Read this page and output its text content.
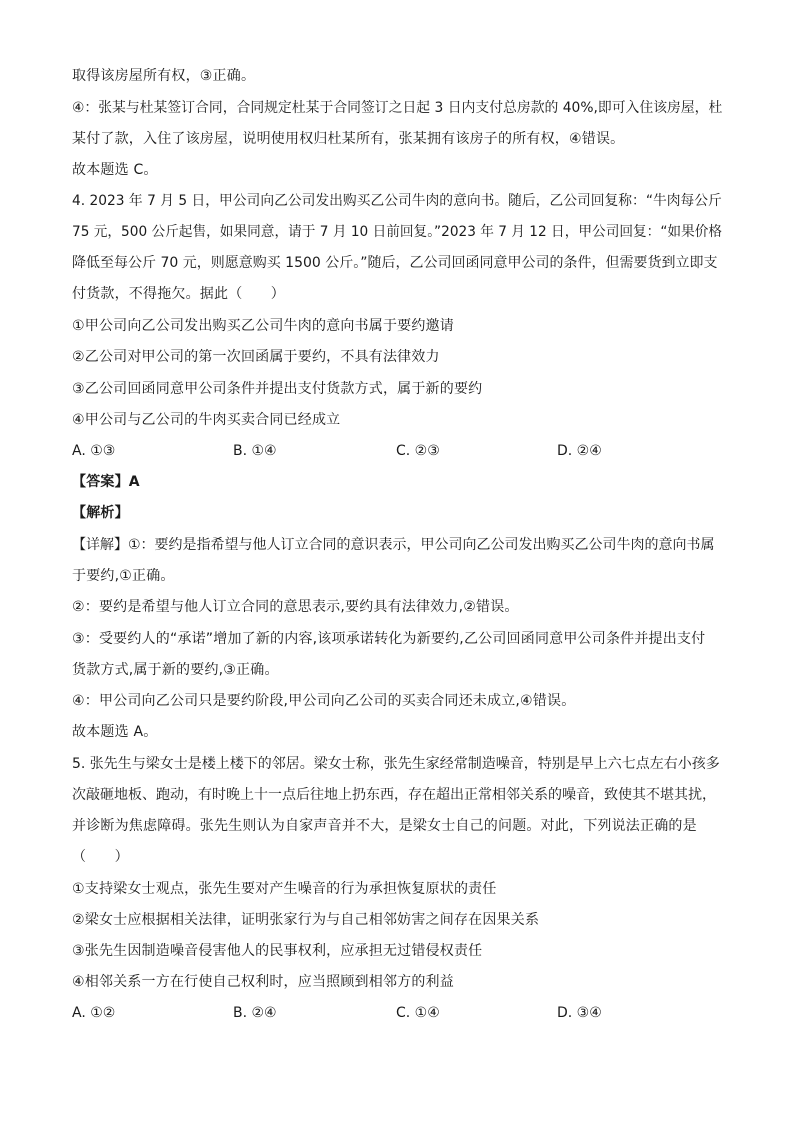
取得该房屋所有权，③正确。
④：张某与杜某签订合同，合同规定杜某于合同签订之日起 3 日内支付总房款的 40%,即可入住该房屋，杜
某付了款，入住了该房屋，说明使用权归杜某所有，张某拥有该房子的所有权，④错误。
故本题选 C。
4. 2023 年 7 月 5 日，甲公司向乙公司发出购买乙公司牛肉的意向书。随后，乙公司回复称：“牛肉每公斤
75 元，500 公斤起售，如果同意，请于 7 月 10 日前回复。”2023 年 7 月 12 日，甲公司回复：“如果价格
降低至每公斤 70 元，则愿意购买 1500 公斤。”随后，乙公司回函同意甲公司的条件，但需要货到立即支
付货款，不得拖欠。据此（　　）
①甲公司向乙公司发出购买乙公司牛肉的意向书属于要约邀请
②乙公司对甲公司的第一次回函属于要约，不具有法律效力
③乙公司回函同意甲公司条件并提出支付货款方式，属于新的要约
④甲公司与乙公司的牛肉买卖合同已经成立
A. ①③	B. ①④	C. ②③	D. ②④
【答案】A
【解析】
【详解】①：要约是指希望与他人订立合同的意识表示，甲公司向乙公司发出购买乙公司牛肉的意向书属
于要约,①正确。
②：要约是希望与他人订立合同的意思表示,要约具有法律效力,②错误。
③：受要约人的“承诺”增加了新的内容,该项承诺转化为新要约,乙公司回函同意甲公司条件并提出支付
货款方式,属于新的要约,③正确。
④：甲公司向乙公司只是要约阶段,甲公司向乙公司的买卖合同还未成立,④错误。
故本题选 A。
5. 张先生与梁女士是楼上楼下的邻居。梁女士称，张先生家经常制造噪音，特别是早上六七点左右小孩多
次敲砸地板、跑动，有时晚上十一点后往地上扔东西，存在超出正常相邻关系的噪音，致使其不堪其扰，
并诊断为焦虑障碍。张先生则认为自家声音并不大，是梁女士自己的问题。对此，下列说法正确的是
（　　）
①支持梁女士观点，张先生要对产生噪音的行为承担恢复原状的责任
②梁女士应根据相关法律，证明张家行为与自己相邻妨害之间存在因果关系
③张先生因制造噪音侵害他人的民事权利，应承担无过错侵权责任
④相邻关系一方在行使自己权利时，应当照顾到相邻方的利益
A. ①②	B. ②④	C. ①④	D. ③④
